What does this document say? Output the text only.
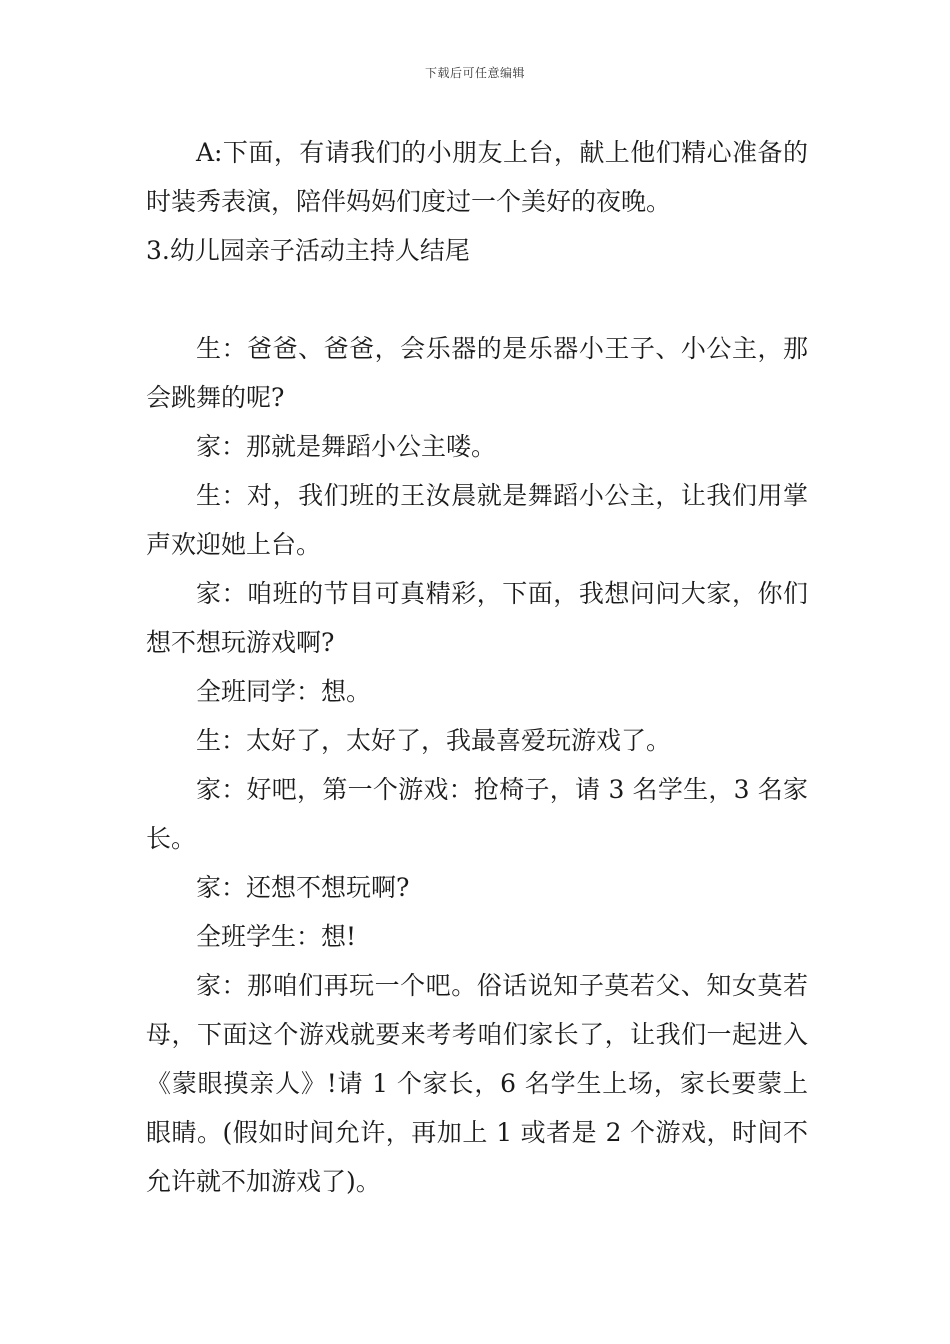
下载后可任意编辑

A:下面，有请我们的小朋友上台，献上他们精心准备的时装秀表演，陪伴妈妈们度过一个美好的夜晚。

3.幼儿园亲子活动主持人结尾

生：爸爸、爸爸，会乐器的是乐器小王子、小公主，那会跳舞的呢?

家：那就是舞蹈小公主喽。

生：对，我们班的王汝晨就是舞蹈小公主，让我们用掌声欢迎她上台。

家：咱班的节目可真精彩，下面，我想问问大家，你们想不想玩游戏啊?

全班同学：想。

生：太好了，太好了，我最喜爱玩游戏了。

家：好吧，第一个游戏：抢椅子，请 3 名学生，3 名家长。

家：还想不想玩啊?

全班学生：想!

家：那咱们再玩一个吧。俗话说知子莫若父、知女莫若母，下面这个游戏就要来考考咱们家长了，让我们一起进入《蒙眼摸亲人》!请 1 个家长，6 名学生上场，家长要蒙上眼睛。(假如时间允许，再加上 1 或者是 2 个游戏，时间不允许就不加游戏了)。
